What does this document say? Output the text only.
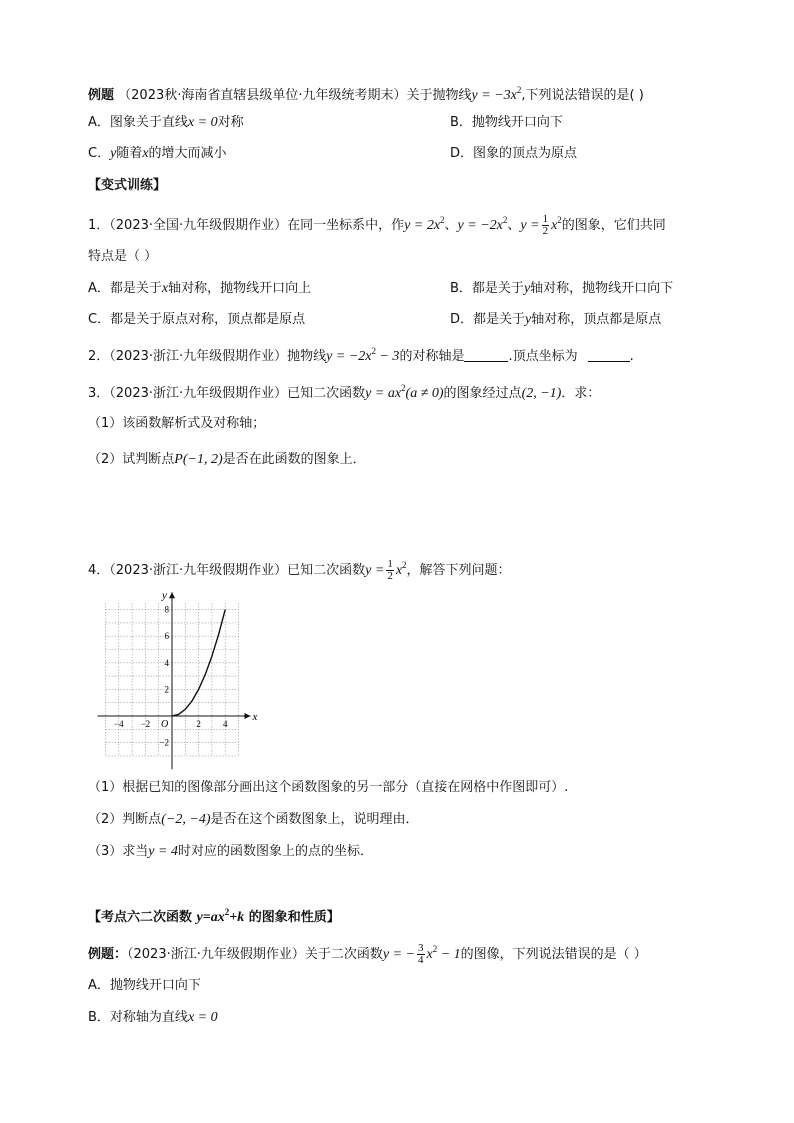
例题 （2023秋·海南省直辖县级单位·九年级统考期末）关于抛物线$y = -3x^2$,下列说法错误的是( )
A．图象关于直线x = 0对称	B．抛物线开口向下
C．y随着x的增大而减小	D．图象的顶点为原点
【变式训练】
1．（2023·全国·九年级假期作业）在同一坐标系中，作$y = 2x^2$、$y = -2x^2$、$y = \frac{1}{2} x^2$的图象，它们共同
特点是（ ）
A．都是关于x轴对称，抛物线开口向上	B．都是关于y轴对称，抛物线开口向下
C．都是关于原点对称，顶点都是原点	D．都是关于y轴对称，顶点都是原点
2．（2023·浙江·九年级假期作业）抛物线$y = -2x^2 - 3$的对称轴是	.顶点坐标为	.
3．（2023·浙江·九年级假期作业）已知二次函数$y = ax^2(a \ne 0)$的图象经过点(2, −1)．求：
（1）该函数解析式及对称轴；
（2）试判断点P(−1, 2)是否在此函数的图象上．
4．（2023·浙江·九年级假期作业）已知二次函数$y = \frac{1}{2} x^2$，解答下列问题：
−4 −2	2 4
8
6
4
2
−2
x
y
O
（1）根据已知的图像部分画出这个函数图象的另一部分（直接在网格中作图即可）.
（2）判断点(−2, −4)是否在这个函数图象上，说明理由．
（3）求当y = 4时对应的函数图象上的点的坐标．
【考点六二次函数 $y=ax^2+k$ 的图象和性质】
例题：（2023·浙江·九年级假期作业）关于二次函数y = − $\frac{3}{4} x^2 - 1$的图像，下列说法错误的是（ ）
A．抛物线开口向下
B．对称轴为直线x = 0
